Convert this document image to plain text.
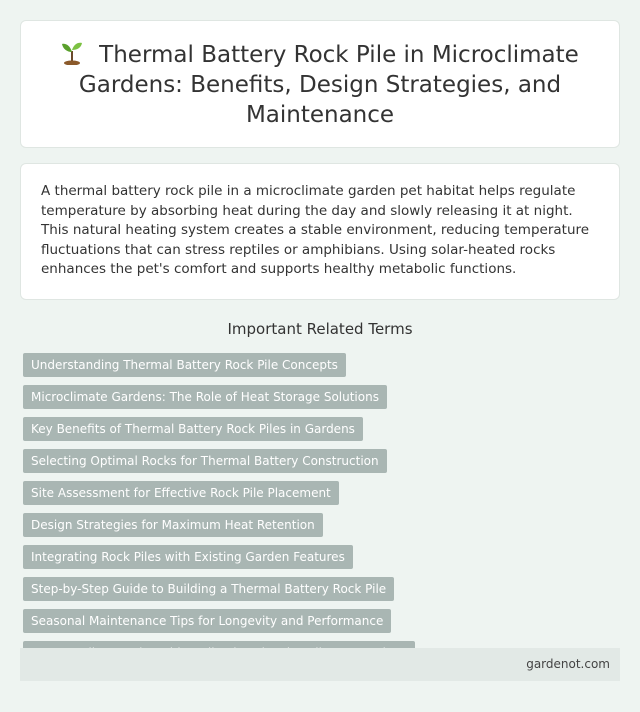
Thermal Battery Rock Pile in Microclimate Gardens: Benefits, Design Strategies, and Maintenance

A thermal battery rock pile in a microclimate garden pet habitat helps regulate temperature by absorbing heat during the day and slowly releasing it at night. This natural heating system creates a stable environment, reducing temperature fluctuations that can stress reptiles or amphibians. Using solar-heated rocks enhances the pet's comfort and supports healthy metabolic functions.

Important Related Terms
Understanding Thermal Battery Rock Pile Concepts
Microclimate Gardens: The Role of Heat Storage Solutions
Key Benefits of Thermal Battery Rock Piles in Gardens
Selecting Optimal Rocks for Thermal Battery Construction
Site Assessment for Effective Rock Pile Placement
Design Strategies for Maximum Heat Retention
Integrating Rock Piles with Existing Garden Features
Step-by-Step Guide to Building a Thermal Battery Rock Pile
Seasonal Maintenance Tips for Longevity and Performance
gardenot.com
